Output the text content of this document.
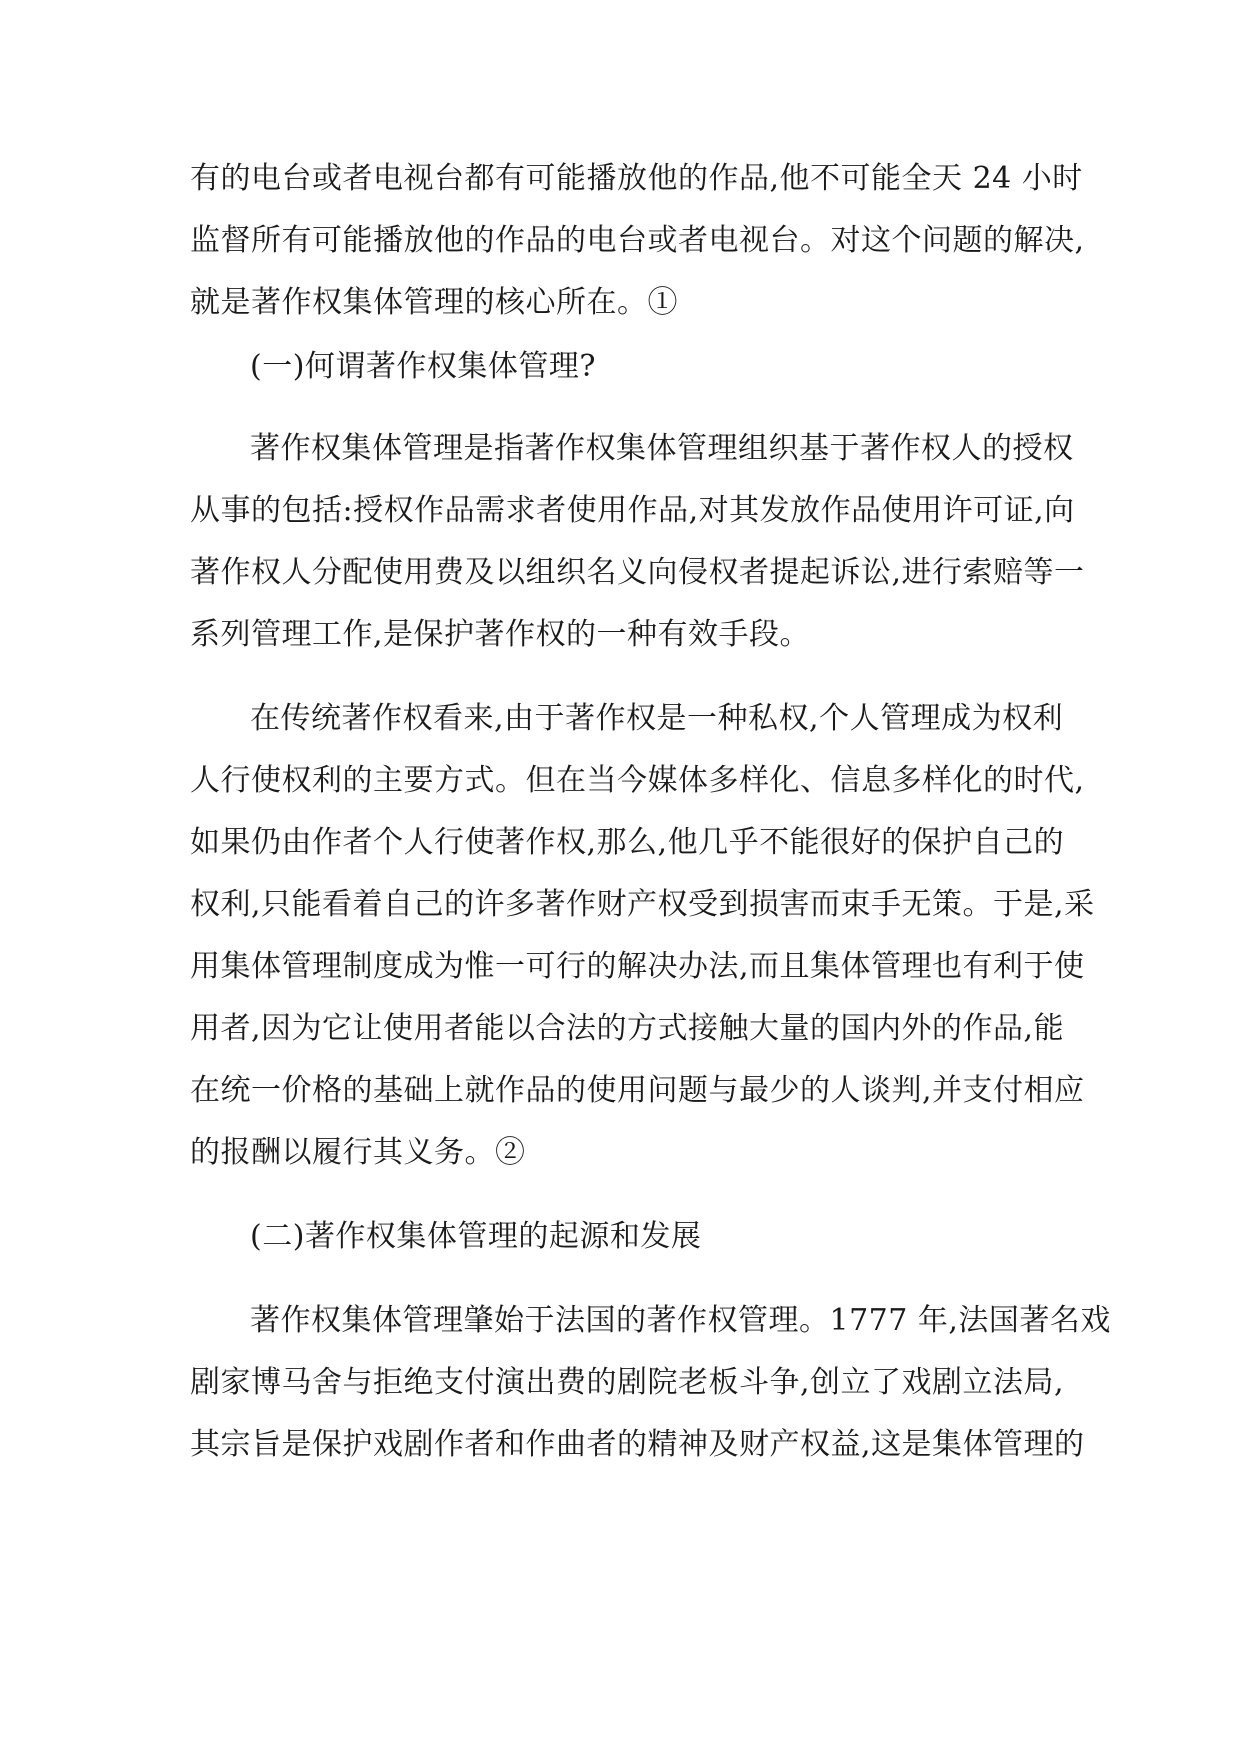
有的电台或者电视台都有可能播放他的作品,他不可能全天 24 小时
监督所有可能播放他的作品的电台或者电视台。对这个问题的解决,
就是著作权集体管理的核心所在。①
(一)何谓著作权集体管理?
著作权集体管理是指著作权集体管理组织基于著作权人的授权
从事的包括:授权作品需求者使用作品,对其发放作品使用许可证,向
著作权人分配使用费及以组织名义向侵权者提起诉讼,进行索赔等一
系列管理工作,是保护著作权的一种有效手段。
在传统著作权看来,由于著作权是一种私权,个人管理成为权利
人行使权利的主要方式。但在当今媒体多样化、信息多样化的时代,
如果仍由作者个人行使著作权,那么,他几乎不能很好的保护自己的
权利,只能看着自己的许多著作财产权受到损害而束手无策。于是,采
用集体管理制度成为惟一可行的解决办法,而且集体管理也有利于使
用者,因为它让使用者能以合法的方式接触大量的国内外的作品,能
在统一价格的基础上就作品的使用问题与最少的人谈判,并支付相应
的报酬以履行其义务。②
(二)著作权集体管理的起源和发展
著作权集体管理肇始于法国的著作权管理。1777 年,法国著名戏
剧家博马舍与拒绝支付演出费的剧院老板斗争,创立了戏剧立法局,
其宗旨是保护戏剧作者和作曲者的精神及财产权益,这是集体管理的
